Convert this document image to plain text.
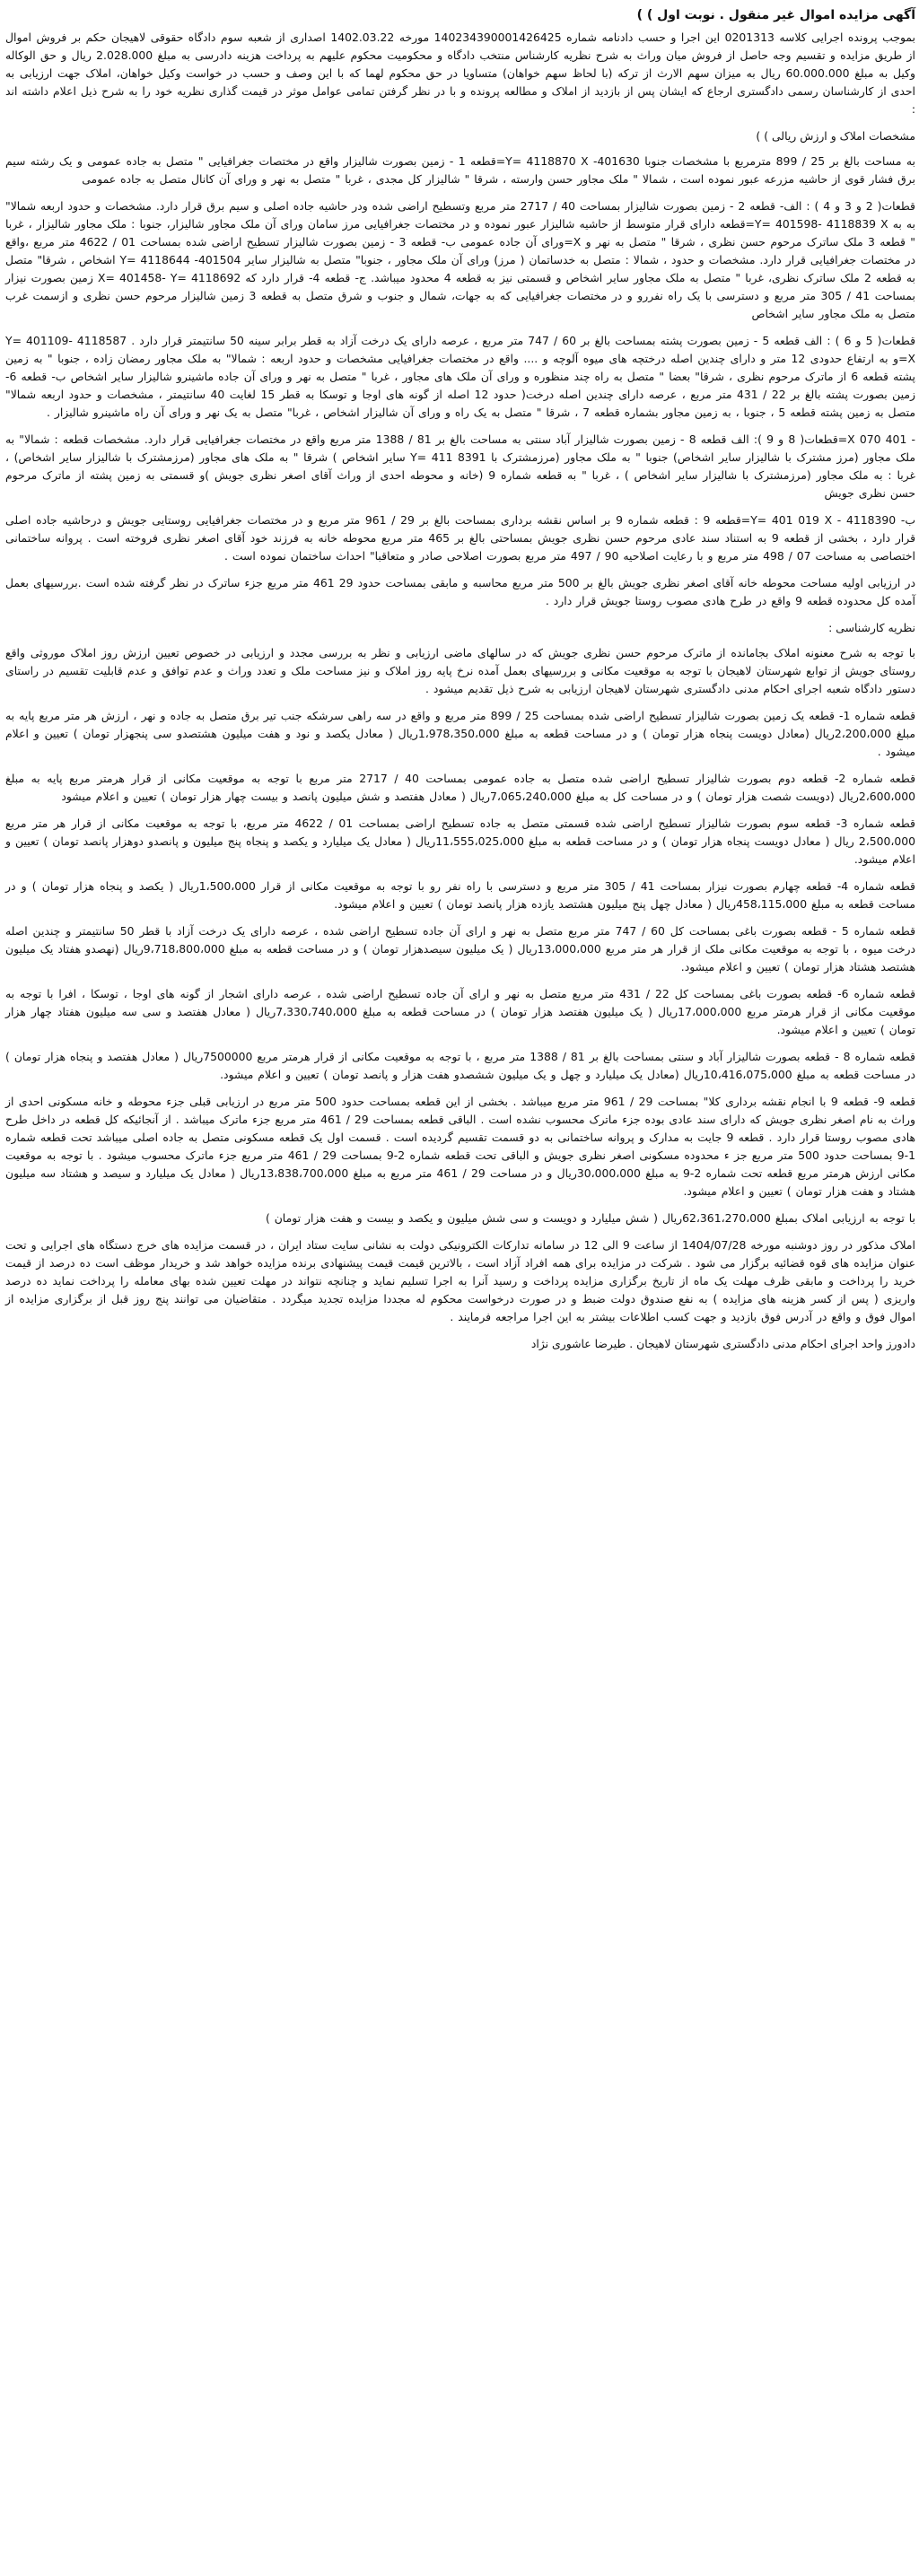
آگهی مزایده اموال غیر منقول . نوبت اول ) )
بموجب پرونده اجرایی کلاسه 0201313 این اجرا و حسب دادنامه شماره 140234390001426425 مورخه 1402.03.22 اصداری از شعبه سوم دادگاه حقوقی لاهیجان حکم بر فروش اموال از طریق مزایده و تقسیم وجه حاصل از فروش میان وراث به شرح نظریه کارشناس منتخب دادگاه و محکومیت محکوم علیهم به پرداخت هزینه دادرسی به مبلغ 2.028.000 ریال و حق الوکاله وکیل به مبلغ 60.000.000 ریال به میزان سهم الارث از ترکه (با لحاظ سهم خواهان) متساویا در حق محکوم لهما که با این وصف و حسب در خواست وکیل خواهان، املاک جهت ارزیابی به احدی از کارشناسان رسمی دادگستری ارجاع که ایشان پس از بازدید از املاک و مطالعه پرونده و با در نظر گرفتن تمامی عوامل موثر در قیمت گذاری نظریه خود را به شرح ذیل اعلام داشته اند :
مشخصات املاک و ارزش ریالی ) )
به مساحت بالغ بر 25 / 899 مترمربع با مشخصات جنوبا 401630- Y= 4118870 X=قطعه 1 - زمین بصورت شالیزار واقع در مختصات جغرافیایی " متصل به جاده عمومی و یک رشته سیم برق فشار قوی از حاشیه مزرعه عبور نموده است ، شمالا " ملک مجاور حسن وارسته ، شرقا " شالیزار کل مجدی ، غربا " متصل به نهر و ورای آن کانال متصل به جاده عمومی
قطعات( 2 و 3 و 4 ) : الف- قطعه 2 - زمین بصورت شالیزار بمساحت 40 / 2717 متر مربع وتسطیح اراضی شده ودر حاشیه جاده اصلی و سیم برق قرار دارد. مشخصات و حدود اربعه شمالا" به به Y= 401598- 4118839 X=قطعه دارای قرار متوسط از حاشیه شالیزار عبور نموده و در مختصات جغرافیایی مرز سامان ورای آن ملک مجاور شالیزار، جنوبا : ملک مجاور شالیزار ، غربا " قطعه 3 ملک ساترک مرحوم حسن نظری ، شرقا " متصل به نهر و X=ورای آن جاده عمومی ب- قطعه 3 - زمین بصورت شالیزار تسطیح اراضی شده بمساحت 01 / 4622 متر مربع ،واقع در مختصات جغرافیایی قرار دارد. مشخصات و حدود ، شمالا : متصل به خدساتمان ( مرز) ورای آن ملک مجاور ، جنوبا" متصل به شالیزار سایر 401504- Y= 4118644 اشخاص ، شرقا" متصل به قطعه 2 ملک ساترک نظری، غربا " متصل به ملک مجاور سایر اشخاص و قسمتی نیز به قطعه 4 محدود میباشد. ج- قطعه 4- قرار دارد که X= 401458- Y= 4118692 زمین بصورت نیزار بمساحت 41 / 305 متر مربع و دسترسی با یک راه نفررو و در مختصات جغرافیایی که به جهات، شمال و جنوب و شرق متصل به قطعه 3 زمین شالیزار مرحوم حسن نظری و ازسمت غرب متصل به ملک مجاور سایر اشخاص
قطعات( 5 و 6 ) : الف قطعه 5 - زمین بصورت پشته بمساحت بالغ بر 60 / 747 متر مربع ، عرصه دارای یک درخت آزاد به قطر برابر سینه 50 سانتیمتر قرار دارد . Y= 401109- 4118587 X=و به ارتفاع حدودی 12 متر و دارای چندین اصله درختچه های میوه آلوچه و .... واقع در مختصات جغرافیایی مشخصات و حدود اربعه : شمالا" به ملک مجاور رمضان زاده ، جنوبا " به زمین پشته قطعه 6 از ماترک مرحوم نظری ، شرقا" بعضا " متصل به راه چند منظوره و ورای آن ملک های مجاور ، غربا " متصل به نهر و ورای آن جاده ماشینرو شالیزار سایر اشخاص ب- قطعه 6- زمین بصورت پشته بالغ بر 22 / 431 متر مربع ، عرصه دارای چندین اصله درخت( حدود 12 اصله از گونه های اوجا و توسکا به قطر 15 لغایت 40 سانتیمتر ، مشخصات و حدود اربعه شمالا" متصل به زمین پشته قطعه 5 ، جنوبا ، به زمین مجاور بشماره قطعه 7 ، شرقا " متصل به یک راه و ورای آن شالیزار اشخاص ، غربا" متصل به یک نهر و ورای آن راه ماشینرو شالیزار .
- 401 070 X=قطعات( 8 و 9 ): الف قطعه 8 - زمین بصورت شالیزار آباد سنتی به مساحت بالغ بر 81 / 1388 متر مربع واقع در مختصات جغرافیایی قرار دارد. مشخصات قطعه : شمالا" به ملک مجاور (مرز مشترک با شالیزار سایر اشخاص) جنوبا " به ملک مجاور (مرزمشترک با 8391 Y= 411 سایر اشخاص ) شرقا " به ملک های مجاور (مرزمشترک با شالیزار سایر اشخاص) ، غربا : به ملک مجاور (مرزمشترک با شالیزار سایر اشخاص ) ، غربا " به قطعه شماره 9 (خانه و محوطه احدی از وراث آقای اصغر نظری جویش )و قسمتی به زمین پشته از ماترک مرحوم حسن نظری جویش
ب- 4118390 - Y= 401 019 X=قطعه 9 : قطعه شماره 9 بر اساس نقشه برداری بمساحت بالغ بر 29 / 961 متر مربع و در مختصات جغرافیایی روستایی جویش و درحاشیه جاده اصلی قرار دارد ، بخشی از قطعه 9 به استناد سند عادی مرحوم حسن نظری جویش بمساحتی بالغ بر 465 متر مربع محوطه خانه به فرزند خود آقای اصغر نظری فروخته است . پروانه ساختمانی اختصاصی به مساحت 07 / 498 متر مربع و با رعایت اصلاحیه 90 / 497 متر مربع بصورت اصلاحی صادر و متعاقبا" احداث ساختمان نموده است .
در ارزیابی اولیه مساحت محوطه خانه آقای اصغر نظری جویش بالغ بر 500 متر مربع محاسبه و مابقی بمساحت حدود 29 461 متر مربع جزء ساترک در نظر گرفته شده است .بررسیهای بعمل آمده کل محدوده قطعه 9 واقع در طرح هادی مصوب روستا جویش قرار دارد .
نظریه کارشناسی :
با توجه به شرح معنونه املاک بجامانده از ماترک مرحوم حسن نظری جویش که در سالهای ماضی ارزیابی و نظر به بررسی مجدد و ارزیابی در خصوص تعیین ارزش روز املاک موروثی واقع روستای جویش از توابع شهرستان لاهیجان با توجه به موقعیت مکانی و بررسیهای بعمل آمده نرخ پایه روز املاک و نیز مساحت ملک و تعدد وراث و عدم توافق و عدم قابلیت تقسیم در راستای دستور دادگاه شعبه اجرای احکام مدنی دادگستری شهرستان لاهیجان ارزیابی به شرح ذیل تقدیم میشود .
قطعه شماره 1- قطعه یک زمین بصورت شالیزار تسطیح اراضی شده بمساحت 25 / 899 متر مربع و واقع در سه راهی سرشکه جنب تیر برق متصل به جاده و نهر ، ارزش هر متر مربع پایه به مبلغ 2،200،000ریال (معادل دویست پنجاه هزار تومان ) و در مساحت قطعه به مبلغ 1،978،350،000ریال ( معادل یکصد و نود و هفت میلیون هشتصدو سی پنجهزار تومان ) تعیین و اعلام میشود .
قطعه شماره 2- قطعه دوم بصورت شالیزار تسطیح اراضی شده متصل به جاده عمومی بمساحت 40 / 2717 متر مربع با توجه به موقعیت مکانی از قرار هرمتر مربع پایه به مبلغ 2،600،000ریال (دویست شصت هزار تومان ) و در مساحت کل به مبلغ 7،065،240،000ریال ( معادل هفتصد و شش میلیون پانصد و بیست چهار هزار تومان ) تعیین و اعلام میشود
قطعه شماره 3- قطعه سوم بصورت شالیزار تسطیح اراضی شده قسمتی متصل به جاده تسطیح اراضی بمساحت 01 / 4622 متر مربع، با توجه به موقعیت مکانی از قرار هر متر مربع 2،500،000 ریال ( معادل دویست پنجاه هزار تومان ) و در مساحت قطعه به مبلغ 11،555،025،000ریال ( معادل یک میلیارد و یکصد و پنجاه پنج میلیون و پانصدو دوهزار پانصد تومان ) تعیین و اعلام میشود.
قطعه شماره 4- قطعه چهارم بصورت نیزار بمساحت 41 / 305 متر مربع و دسترسی با راه نفر رو با توجه به موقعیت مکانی از قرار 1،500،000ریال ( یکصد و پنجاه هزار تومان ) و در مساحت قطعه به مبلغ 458،115،000ریال ( معادل چهل پنج میلیون هشتصد یازده هزار پانصد تومان ) تعیین و اعلام میشود.
قطعه شماره 5 - قطعه بصورت باغی بمساحت کل 60 / 747 متر مربع متصل به نهر و ارای آن جاده تسطیح اراضی شده ، عرصه دارای یک درخت آزاد با قطر 50 سانتیمتر و چندین اصله درخت میوه ، با توجه به موقعیت مکانی ملک از قرار هر متر مربع 13،000،000ریال ( یک میلیون سیصدهزار تومان ) و در مساحت قطعه به مبلغ 9،718،800،000ریال (نهصدو هفتاد یک میلیون هشتصد هشتاد هزار تومان ) تعیین و اعلام میشود.
قطعه شماره 6- قطعه بصورت باغی بمساحت کل 22 / 431 متر مربع متصل به نهر و ارای آن جاده تسطیح اراضی شده ، عرصه دارای اشجار از گونه های اوجا ، توسکا ، افرا با توجه به موقعیت مکانی از قرار هرمتر مربع 17،000،000ریال ( یک میلیون هفتصد هزار تومان ) در مساحت قطعه به مبلغ 7،330،740،000ریال ( معادل هفتصد و سی سه میلیون هفتاد چهار هزار تومان ) تعیین و اعلام میشود.
قطعه شماره 8 - قطعه بصورت شالیزار آباد و سنتی بمساحت بالغ بر 81 / 1388 متر مربع ، با توجه به موقعیت مکانی از قرار هرمتر مربع 7500000ریال ( معادل هفتصد و پنجاه هزار تومان ) در مساحت قطعه به مبلغ 10،416،075،000ریال (معادل یک میلیارد و چهل و یک میلیون ششصدو هفت هزار و پانصد تومان ) تعیین و اعلام میشود.
قطعه 9- قطعه 9 با انجام نقشه برداری کلا" بمساحت 29 / 961 متر مربع میباشد . بخشی از این قطعه بمساحت حدود 500 متر مربع در ارزیابی قبلی جزء محوطه و خانه مسکونی احدی از وراث به نام اصغر نظری جویش که دارای سند عادی بوده جزء ماترک محسوب نشده است . الباقی قطعه بمساحت 29 / 461 متر مربع جزء ماترک میباشد . از آنجائیکه کل قطعه در داخل طرح هادی مصوب روستا قرار دارد . قطعه 9 جایت به مدارک و پروانه ساختمانی به دو قسمت تقسیم گردیده است . قسمت اول یک قطعه مسکونی متصل به جاده اصلی میباشد تحت قطعه شماره 1-9 بمساحت حدود 500 متر مربع جز ء محدوده مسکونی اصغر نظری جویش و الباقی تحت قطعه شماره 2-9 بمساحت 29 / 461 متر مربع جزء ماترک محسوب میشود . با توجه به موقعیت مکانی ارزش هرمتر مربع قطعه تحت شماره 2-9 به مبلغ 30،000،000ریال و در مساحت 29 / 461 متر مربع به مبلغ 13،838،700،000ریال ( معادل یک میلیارد و سیصد و هشتاد سه میلیون هشتاد و هفت هزار تومان ) تعیین و اعلام میشود.
با توجه به ارزیابی املاک بمبلغ 62،361،270،000ریال ( شش میلیارد و دویست و سی شش میلیون و یکصد و بیست و هفت هزار تومان )
املاک مذکور در روز دوشنبه مورخه 1404/07/28 از ساعت 9 الی 12 در سامانه تدارکات الکترونیکی دولت به نشانی سایت ستاد ایران ، در قسمت مزایده های خرج دستگاه های اجرایی و تحت عنوان مزایده های قوه قضائیه برگزار می شود . شرکت در مزایده برای همه افراد آزاد است ، بالاترین قیمت قیمت پیشنهادی برنده مزایده خواهد شد و خریدار موظف است ده درصد از قیمت خرید را پرداخت و مابقی ظرف مهلت یک ماه از تاریخ برگزاری مزایده پرداخت و رسید آنرا به اجرا تسلیم نماید و چنانچه نتواند در مهلت تعیین شده بهای معامله را پرداخت نماید ده درصد واریزی ( پس از کسر هزینه های مزایده ) به نفع صندوق دولت ضبط و در صورت درخواست محکوم له مجددا مزایده تجدید میگردد . متقاضیان می توانند پنج روز قبل از برگزاری مزایده از اموال فوق و واقع در آدرس فوق بازدید و جهت کسب اطلاعات بیشتر به این اجرا مراجعه فرمایند .
دادورز واحد اجرای احکام مدنی دادگستری شهرستان لاهیجان . طیرضا عاشوری نژاد
